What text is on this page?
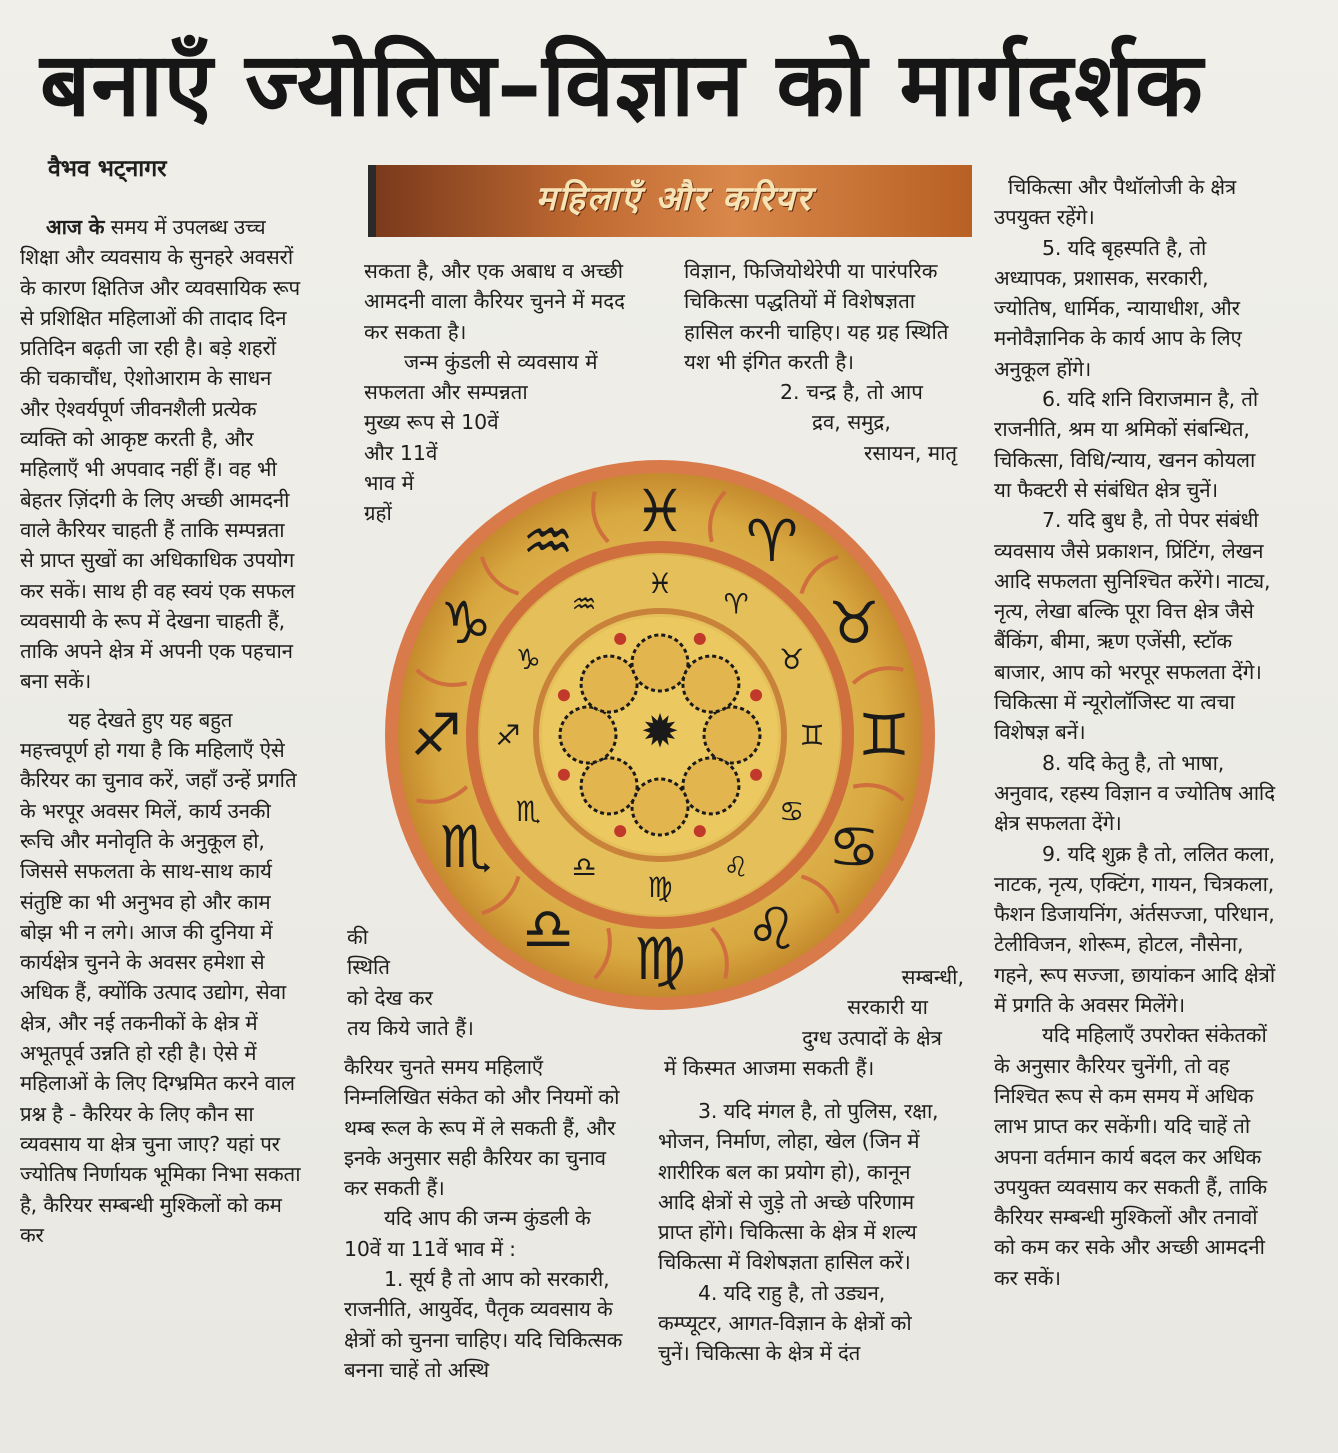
बनाएँ ज्योतिष–विज्ञान को मार्गदर्शक
वैभव भट्नागर
महिलाएँ और करियर

आज के समय में उपलब्ध उच्च शिक्षा और व्यवसाय के सुनहरे अवसरों के कारण क्षितिज और व्यवसायिक रूप से प्रशिक्षित महिलाओं की तादाद दिन प्रतिदिन बढ़ती जा रही है। बड़े शहरों की चकाचौंध, ऐशोआराम के साधन और ऐश्वर्यपूर्ण जीवनशैली प्रत्येक व्यक्ति को आकृष्ट करती है, और महिलाएँ भी अपवाद नहीं हैं। वह भी बेहतर ज़िंदगी के लिए अच्छी आमदनी वाले कैरियर चाहती हैं ताकि सम्पन्नता से प्राप्त सुखों का अधिकाधिक उपयोग कर सकें। साथ ही वह स्वयं एक सफल व्यवसायी के रूप में देखना चाहती हैं, ताकि अपने क्षेत्र में अपनी एक पहचान बना सकें।

यह देखते हुए यह बहुत महत्त्वपूर्ण हो गया है कि महिलाएँ ऐसे कैरियर का चुनाव करें, जहाँ उन्हें प्रगति के भरपूर अवसर मिलें, कार्य उनकी रूचि और मनोवृति के अनुकूल हो, जिससे सफलता के साथ-साथ कार्य संतुष्टि का भी अनुभव हो और काम बोझ भी न लगे। आज की दुनिया में कार्यक्षेत्र चुनने के अवसर हमेशा से अधिक हैं, क्योंकि उत्पाद उद्योग, सेवा क्षेत्र, और नई तकनीकों के क्षेत्र में अभूतपूर्व उन्नति हो रही है। ऐसे में महिलाओं के लिए दिग्भ्रमित करने वाल प्रश्न है - कैरियर के लिए कौन सा व्यवसाय या क्षेत्र चुना जाए? यहां पर ज्योतिष निर्णायक भूमिका निभा सकता है, कैरियर सम्बन्धी मुश्किलों को कम कर

सकता है, और एक अबाध व अच्छी आमदनी वाला कैरियर चुनने में मदद कर सकता है।

जन्म कुंडली से व्यवसाय में

सफलता और सम्पन्नता

मुख्य रूप से 10वें

और 11वें

भाव में

ग्रहों

की

स्थिति

को देख कर

तय किये जाते हैं।

कैरियर चुनते समय महिलाएँ निम्नलिखित संकेत को और नियमों को थम्ब रूल के रूप में ले सकती हैं, और इनके अनुसार सही कैरियर का चुनाव कर सकती हैं।

यदि आप की जन्म कुंडली के 10वें या 11वें भाव में :

1. सूर्य है तो आप को सरकारी, राजनीति, आयुर्वेद, पैतृक व्यवसाय के क्षेत्रों को चुनना चाहिए। यदि चिकित्सक बनना चाहें तो अस्थि

विज्ञान, फिजियोथेरेपी या पारंपरिक चिकित्सा पद्धतियों में विशेषज्ञता हासिल करनी चाहिए। यह ग्रह स्थिति यश भी इंगित करती है।

2. चन्द्र है, तो आप

द्रव, समुद्र,

रसायन, मातृ

सम्बन्धी,

सरकारी या

दुग्ध उत्पादों के क्षेत्र

में किस्मत आजमा सकती हैं।

3. यदि मंगल है, तो पुलिस, रक्षा, भोजन, निर्माण, लोहा, खेल (जिन में शारीरिक बल का प्रयोग हो), कानून आदि क्षेत्रों से जुड़े तो अच्छे परिणाम प्राप्त होंगे। चिकित्सा के क्षेत्र में शल्य चिकित्सा में विशेषज्ञता हासिल करें।

4. यदि राहु है, तो उड्यन, कम्प्यूटर, आगत-विज्ञान के क्षेत्रों को चुनें। चिकित्सा के क्षेत्र में दंत

चिकित्सा और पैथॉलोजी के क्षेत्र उपयुक्त रहेंगे।

5. यदि बृहस्पति है, तो अध्यापक, प्रशासक, सरकारी, ज्योतिष, धार्मिक, न्यायाधीश, और मनोवैज्ञानिक के कार्य आप के लिए अनुकूल होंगे।

6. यदि शनि विराजमान है, तो राजनीति, श्रम या श्रमिकों संबन्धित, चिकित्सा, विधि/न्याय, खनन कोयला या फैक्टरी से संबंधित क्षेत्र चुनें।

7. यदि बुध है, तो पेपर संबंधी व्यवसाय जैसे प्रकाशन, प्रिंटिंग, लेखन आदि सफलता सुनिश्चित करेंगे। नाट्य, नृत्य, लेखा बल्कि पूरा वित्त क्षेत्र जैसे बैंकिंग, बीमा, ऋण एजेंसी, स्टॉक बाजार, आप को भरपूर सफलता देंगे। चिकित्सा में न्यूरोलॉजिस्ट या त्वचा विशेषज्ञ बनें।

8. यदि केतु है, तो भाषा, अनुवाद, रहस्य विज्ञान व ज्योतिष आदि क्षेत्र सफलता देंगे।

9. यदि शुक्र है तो, ललित कला, नाटक, नृत्य, एक्टिंग, गायन, चित्रकला, फैशन डिजायनिंग, अंर्तसज्जा, परिधान, टेलीविजन, शोरूम, होटल, नौसेना, गहने, रूप सज्जा, छायांकन आदि क्षेत्रों में प्रगति के अवसर मिलेंगे।

यदि महिलाएँ उपरोक्त संकेतकों के अनुसार कैरियर चुनेंगी, तो वह निश्चित रूप से कम समय में अधिक लाभ प्राप्त कर सकेंगी। यदि चाहें तो अपना वर्तमान कार्य बदल कर अधिक उपयुक्त व्यवसाय कर सकती हैं, ताकि कैरियर सम्बन्धी मुश्किलों और तनावों को कम कर सके और अच्छी आमदनी कर सकें।

♓ ♈
♉
♊
♋
♌
♍
♎
♏
♐
♑
♒
♓
♈
♉
♊
♋
♌
♍
♎
♏
♐
♑
♒
✹
